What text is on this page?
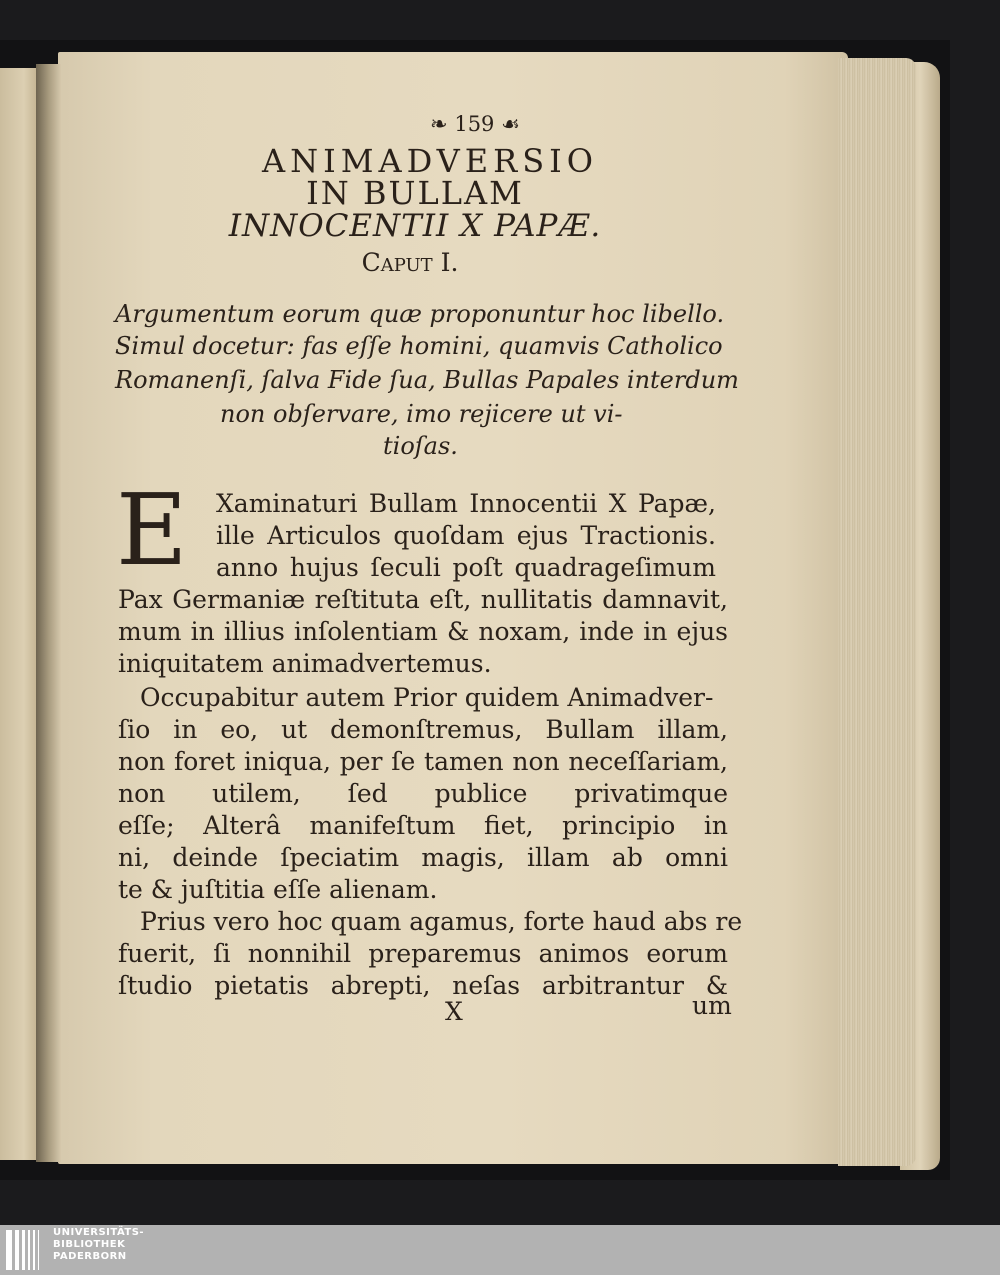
❧ 159 ☙
ANIMADVERSIO
IN BULLAM
INNOCENTII X PAPÆ.
Caput I.
Argumentum eorum quæ proponuntur hoc libello.
Simul docetur: fas eſſe homini, quamvis Catholico
Romanenſi, ſalva Fide ſua, Bullas Papales interdum
non obſervare, imo rejicere ut vi-
tioſas.
E Xaminaturi Bullam Innocentii X Papæ,
ille Articulos quoſdam ejus Tractionis.
anno hujus ſeculi poſt quadrageſimum
Pax Germaniæ reſtituta eſt, nullitatis damnavit,
mum in illius inſolentiam & noxam, inde in ejus
iniquitatem animadvertemus.
Occupabitur autem Prior quidem Animadver-
ſio in eo, ut demonſtremus, Bullam illam,
non foret iniqua, per ſe tamen non neceſſariam,
non utilem, ſed publice privatimque
eſſe; Alterâ manifeſtum fiet, principio in
ni, deinde ſpeciatim magis, illam ab omni
te & juſtitia eſſe alienam.
Prius vero hoc quam agamus, forte haud abs re
fuerit, ſi nonnihil preparemus animos eorum
ſtudio pietatis abrepti, neſas arbitrantur &
X	um
UNIVERSITÄTS-
BIBLIOTHEK
PADERBORN
